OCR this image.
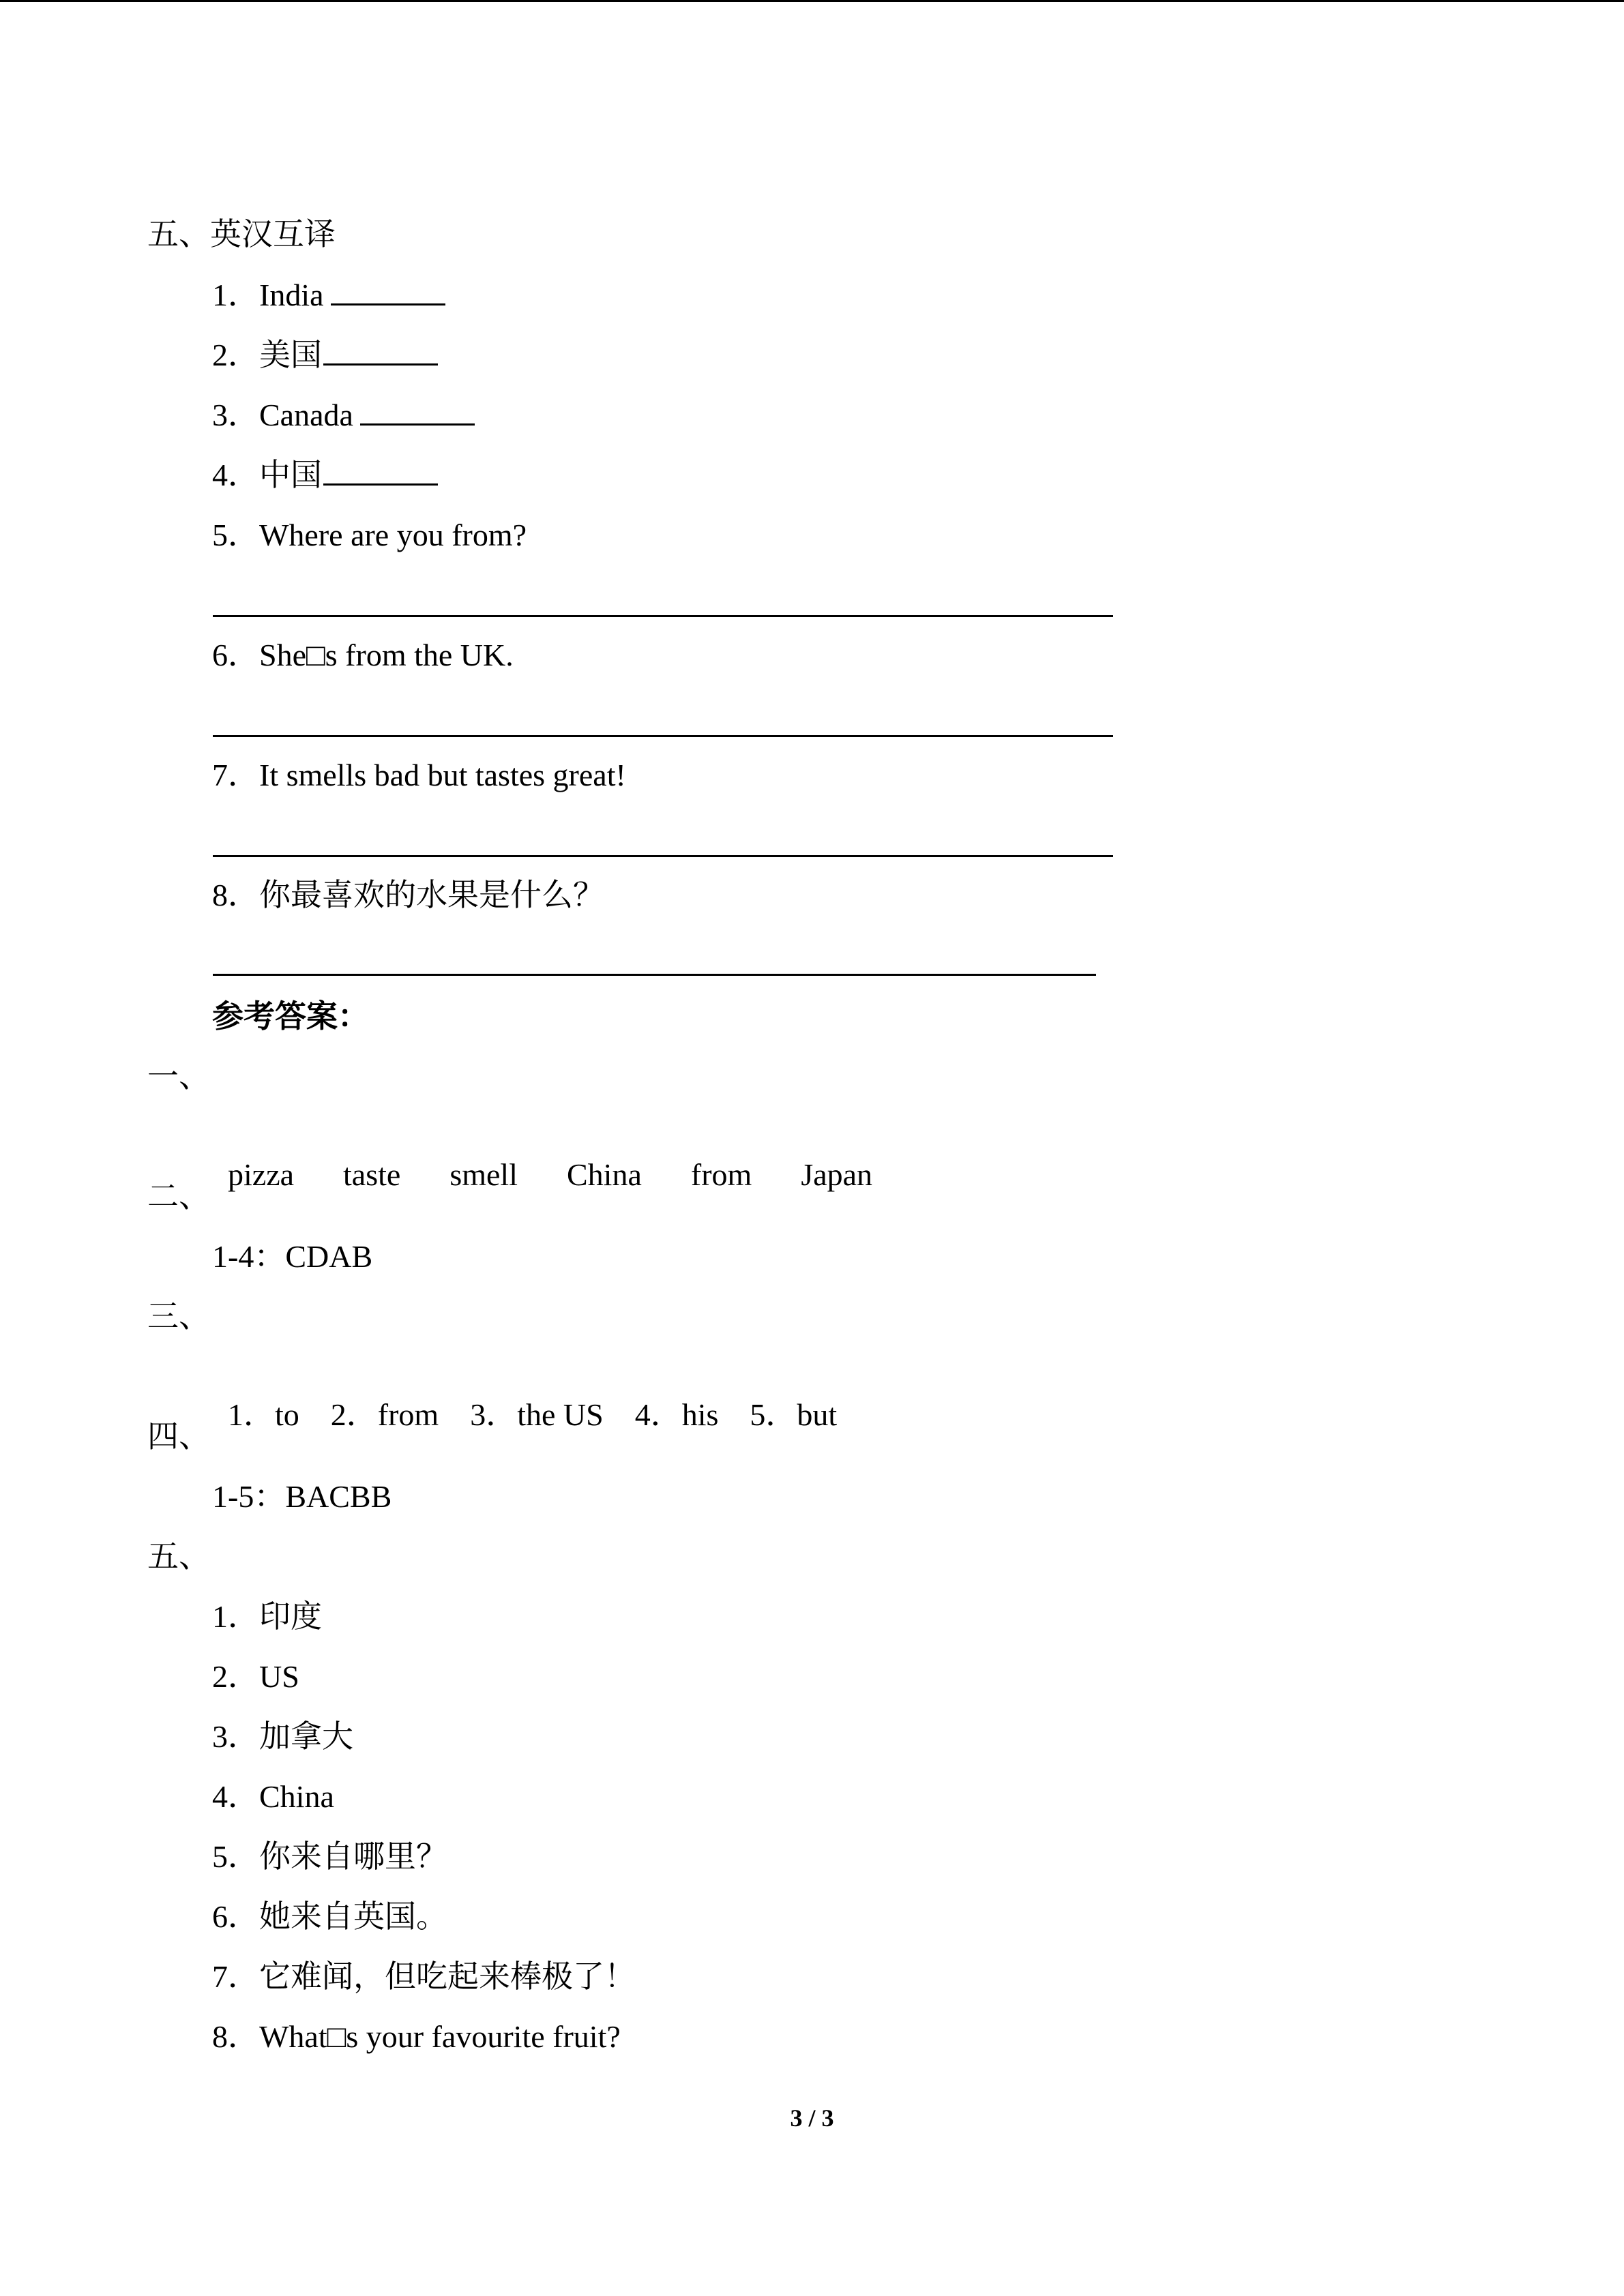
五、英汉互译
1．India
2．美国
3．Canada
4．中国
5．Where are you from?
6．She□s from the UK.
7．It smells bad but tastes great!
8．你最喜欢的水果是什么？
参考答案：
一、

pizza taste smell China from Japan

二、
1-4：CDAB
三、

1．to 2．from 3．the US 4．his 5．but

四、
1-5：BACBB
五、
1．印度
2．US
3．加拿大
4．China
5．你来自哪里？
6．她来自英国。
7．它难闻，但吃起来棒极了！
8．What□s your favourite fruit?
3 / 3
